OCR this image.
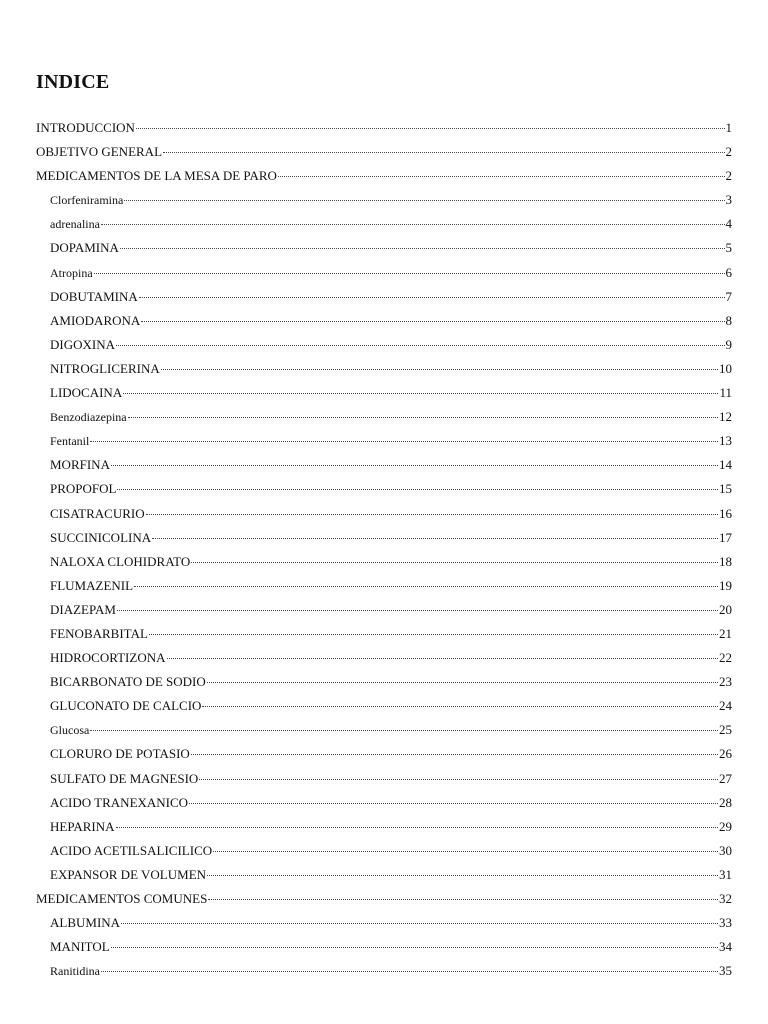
INDICE
INTRODUCCION	1
OBJETIVO GENERAL	2
MEDICAMENTOS DE LA MESA DE PARO	2
Clorfeniramina	3
adrenalina	4
DOPAMINA	5
Atropina	6
DOBUTAMINA	7
AMIODARONA	8
DIGOXINA	9
NITROGLICERINA	10
LIDOCAINA	11
Benzodiazepina	12
Fentanil	13
MORFINA	14
PROPOFOL	15
CISATRACURIO	16
SUCCINICOLINA	17
NALOXA CLOHIDRATO	18
FLUMAZENIL	19
DIAZEPAM	20
FENOBARBITAL	21
HIDROCORTIZONA	22
BICARBONATO DE SODIO	23
GLUCONATO DE CALCIO	24
Glucosa	25
CLORURO DE POTASIO	26
SULFATO DE MAGNESIO	27
ACIDO TRANEXANICO	28
HEPARINA	29
ACIDO ACETILSALICILICO	30
EXPANSOR DE VOLUMEN	31
MEDICAMENTOS COMUNES	32
ALBUMINA	33
MANITOL	34
Ranitidina	35
